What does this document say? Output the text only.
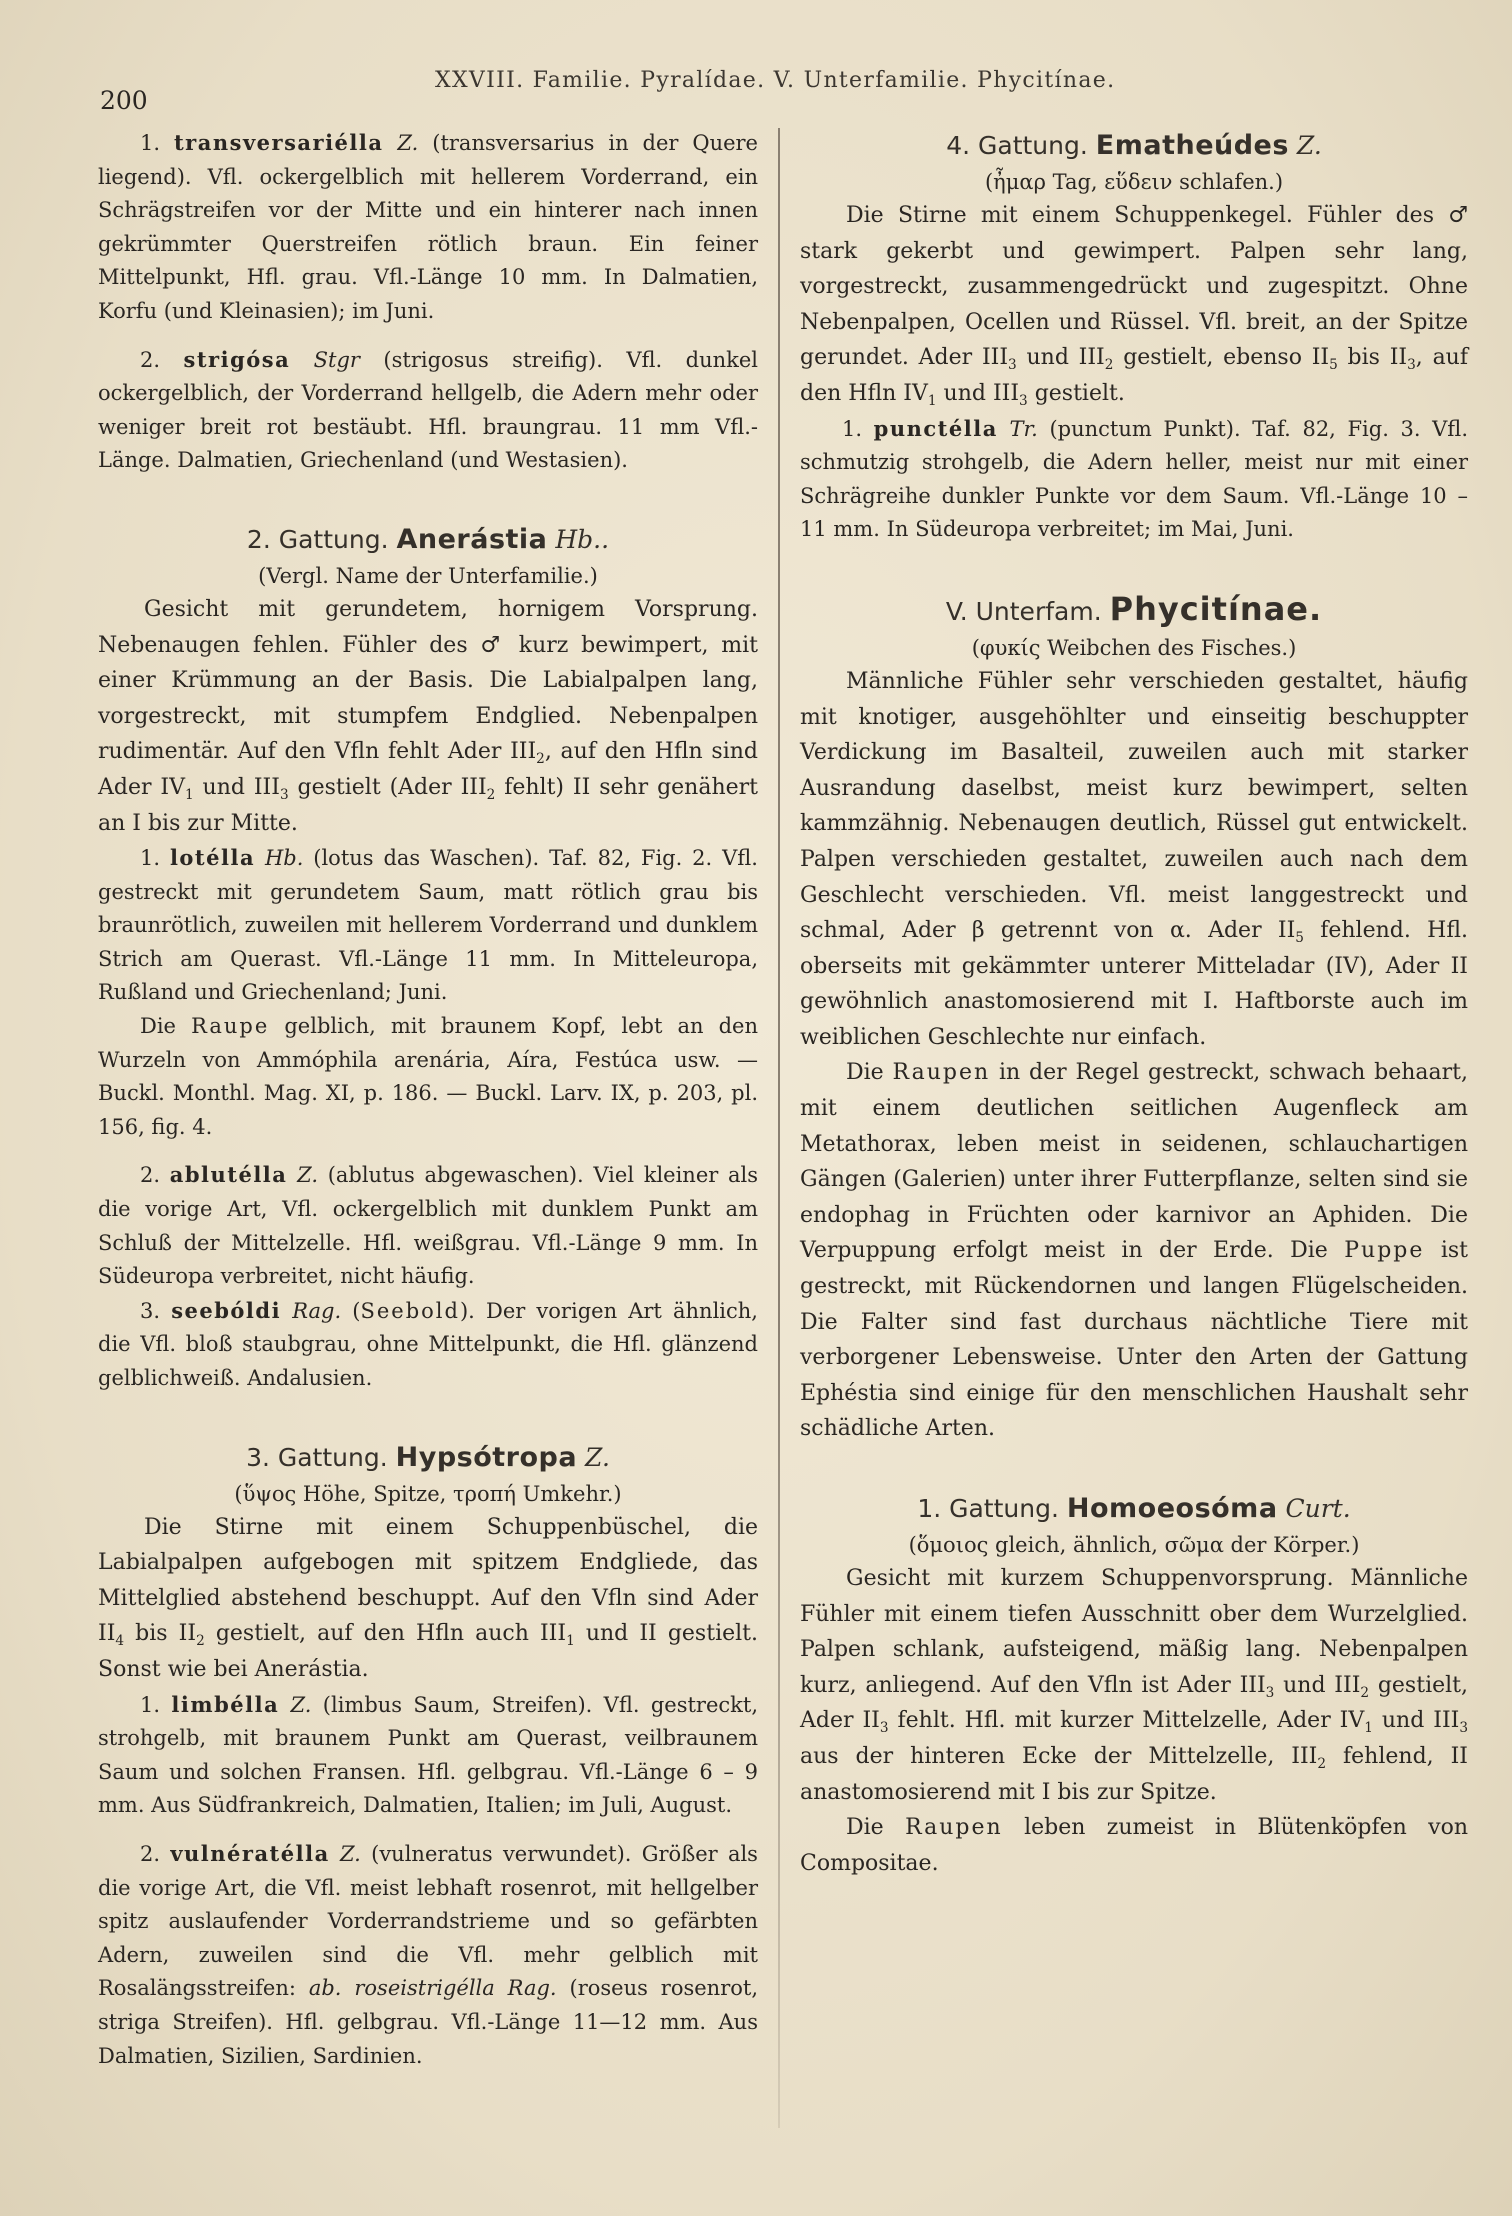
200
XXVIII. Familie. Pyralídae. V. Unterfamilie. Phycitínae.

1. transversariélla Z. (transversarius in der Quere liegend). Vfl. ockergelblich mit hellerem Vorderrand, ein Schrägstreifen vor der Mitte und ein hinterer nach innen gekrümmter Querstreifen rötlich braun. Ein feiner Mittelpunkt, Hfl. grau. Vfl.-Länge 10 mm. In Dalmatien, Korfu (und Kleinasien); im Juni.

2. strigósa Stgr (strigosus streifig). Vfl. dunkel ockergelblich, der Vorderrand hellgelb, die Adern mehr oder weniger breit rot bestäubt. Hfl. braungrau. 11 mm Vfl.-Länge. Dalmatien, Griechenland (und Westasien).

2. Gattung. Anerástia Hb..

(Vergl. Name der Unterfamilie.)

Gesicht mit gerundetem, hornigem Vorsprung. Nebenaugen fehlen. Fühler des ♂ kurz bewimpert, mit einer Krümmung an der Basis. Die Labialpalpen lang, vorgestreckt, mit stumpfem Endglied. Nebenpalpen rudimentär. Auf den Vfln fehlt Ader $III_2$, auf den Hfln sind Ader $IV_1$ und $III_3$ gestielt (Ader $III_2$ fehlt) II sehr genähert an I bis zur Mitte.

1. lotélla Hb. (lotus das Waschen). Taf. 82, Fig. 2. Vfl. gestreckt mit gerundetem Saum, matt rötlich grau bis braunrötlich, zuweilen mit hellerem Vorderrand und dunklem Strich am Querast. Vfl.-Länge 11 mm. In Mitteleuropa, Rußland und Griechenland; Juni.

Die Raupe gelblich, mit braunem Kopf, lebt an den Wurzeln von Ammóphila arenária, Aíra, Festúca usw. — Buckl. Monthl. Mag. XI, p. 186. — Buckl. Larv. IX, p. 203, pl. 156, fig. 4.

2. ablutélla Z. (ablutus abgewaschen). Viel kleiner als die vorige Art, Vfl. ockergelblich mit dunklem Punkt am Schluß der Mittelzelle. Hfl. weißgrau. Vfl.-Länge 9 mm. In Südeuropa verbreitet, nicht häufig.

3. seebóldi Rag. (Seebold). Der vorigen Art ähnlich, die Vfl. bloß staubgrau, ohne Mittelpunkt, die Hfl. glänzend gelblichweiß. Andalusien.

3. Gattung. Hypsótropa Z.

(ὕψος Höhe, Spitze, τροπή Umkehr.)

Die Stirne mit einem Schuppenbüschel, die Labialpalpen aufgebogen mit spitzem Endgliede, das Mittelglied abstehend beschuppt. Auf den Vfln sind Ader $II_4$ bis $II_2$ gestielt, auf den Hfln auch $III_1$ und II gestielt. Sonst wie bei Anerástia.

1. limbélla Z. (limbus Saum, Streifen). Vfl. gestreckt, strohgelb, mit braunem Punkt am Querast, veilbraunem Saum und solchen Fransen. Hfl. gelbgrau. Vfl.-Länge 6 – 9 mm. Aus Südfrankreich, Dalmatien, Italien; im Juli, August.

2. vulnératélla Z. (vulneratus verwundet). Größer als die vorige Art, die Vfl. meist lebhaft rosenrot, mit hellgelber spitz auslaufender Vorderrandstrieme und so gefärbten Adern, zuweilen sind die Vfl. mehr gelblich mit Rosalängsstreifen: ab. roseistrigélla Rag. (roseus rosenrot, striga Streifen). Hfl. gelbgrau. Vfl.-Länge 11—12 mm. Aus Dalmatien, Sizilien, Sardinien.

4. Gattung. Ematheúdes Z.

(ἦμαρ Tag, εὕδειν schlafen.)

Die Stirne mit einem Schuppenkegel. Fühler des ♂ stark gekerbt und gewimpert. Palpen sehr lang, vorgestreckt, zusammengedrückt und zugespitzt. Ohne Nebenpalpen, Ocellen und Rüssel. Vfl. breit, an der Spitze gerundet. Ader $III_3$ und $III_2$ gestielt, ebenso $II_5$ bis $II_3$, auf den Hfln $IV_1$ und $III_3$ gestielt.

1. punctélla Tr. (punctum Punkt). Taf. 82, Fig. 3. Vfl. schmutzig strohgelb, die Adern heller, meist nur mit einer Schrägreihe dunkler Punkte vor dem Saum. Vfl.-Länge 10 – 11 mm. In Südeuropa verbreitet; im Mai, Juni.

V. Unterfam. Phycitínae.

(φυκίς Weibchen des Fisches.)

Männliche Fühler sehr verschieden gestaltet, häufig mit knotiger, ausgehöhlter und einseitig beschuppter Verdickung im Basalteil, zuweilen auch mit starker Ausrandung daselbst, meist kurz bewimpert, selten kammzähnig. Nebenaugen deutlich, Rüssel gut entwickelt. Palpen verschieden gestaltet, zuweilen auch nach dem Geschlecht verschieden. Vfl. meist langgestreckt und schmal, Ader β getrennt von α. Ader $II_5$ fehlend. Hfl. oberseits mit gekämmter unterer Mitteladar (IV), Ader II gewöhnlich anastomosierend mit I. Haftborste auch im weiblichen Geschlechte nur einfach.

Die Raupen in der Regel gestreckt, schwach behaart, mit einem deutlichen seitlichen Augenfleck am Metathorax, leben meist in seidenen, schlauchartigen Gängen (Galerien) unter ihrer Futterpflanze, selten sind sie endophag in Früchten oder karnivor an Aphiden. Die Verpuppung erfolgt meist in der Erde. Die Puppe ist gestreckt, mit Rückendornen und langen Flügelscheiden. Die Falter sind fast durchaus nächtliche Tiere mit verborgener Lebensweise. Unter den Arten der Gattung Ephéstia sind einige für den menschlichen Haushalt sehr schädliche Arten.

1. Gattung. Homoeosóma Curt.

(ὅμοιος gleich, ähnlich, σῶμα der Körper.)

Gesicht mit kurzem Schuppenvorsprung. Männliche Fühler mit einem tiefen Ausschnitt ober dem Wurzelglied. Palpen schlank, aufsteigend, mäßig lang. Nebenpalpen kurz, anliegend. Auf den Vfln ist Ader $III_3$ und $III_2$ gestielt, Ader $II_3$ fehlt. Hfl. mit kurzer Mittelzelle, Ader $IV_1$ und $III_3$ aus der hinteren Ecke der Mittelzelle, $III_2$ fehlend, II anastomosierend mit I bis zur Spitze.

Die Raupen leben zumeist in Blütenköpfen von Compositae.
